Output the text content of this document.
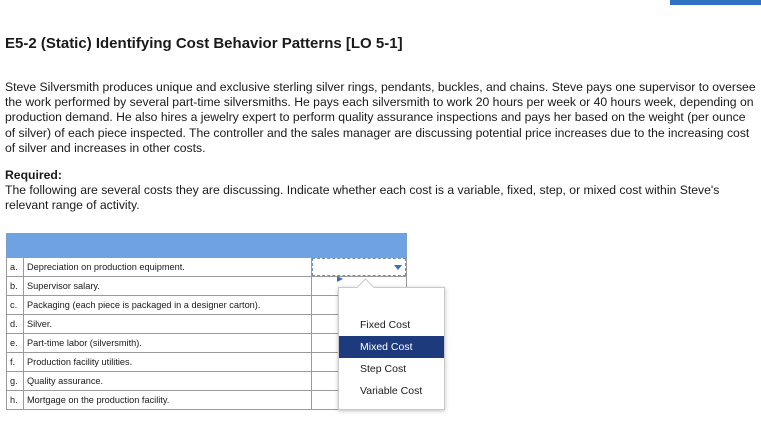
E5-2 (Static) Identifying Cost Behavior Patterns [LO 5-1]

Steve Silversmith produces unique and exclusive sterling silver rings, pendants, buckles, and chains. Steve pays one supervisor to oversee the work performed by several part-time silversmiths. He pays each silversmith to work 20 hours per week or 40 hours week, depending on production demand. He also hires a jewelry expert to perform quality assurance inspections and pays her based on the weight (per ounce of silver) of each piece inspected. The controller and the sales manager are discussing potential price increases due to the increasing cost of silver and increases in other costs.

Required:

The following are several costs they are discussing. Indicate whether each cost is a variable, fixed, step, or mixed cost within Steve's relevant range of activity.

a.	Depreciation on production equipment.	

b.	Supervisor salary.	
c.	Packaging (each piece is packaged in a designer carton).	
d.	Silver.	
e.	Part-time labor (silversmith).	
f.	Production facility utilities.	
g.	Quality assurance.	
h.	Mortgage on the production facility.	
Fixed Cost
Mixed Cost
Step Cost
Variable Cost
